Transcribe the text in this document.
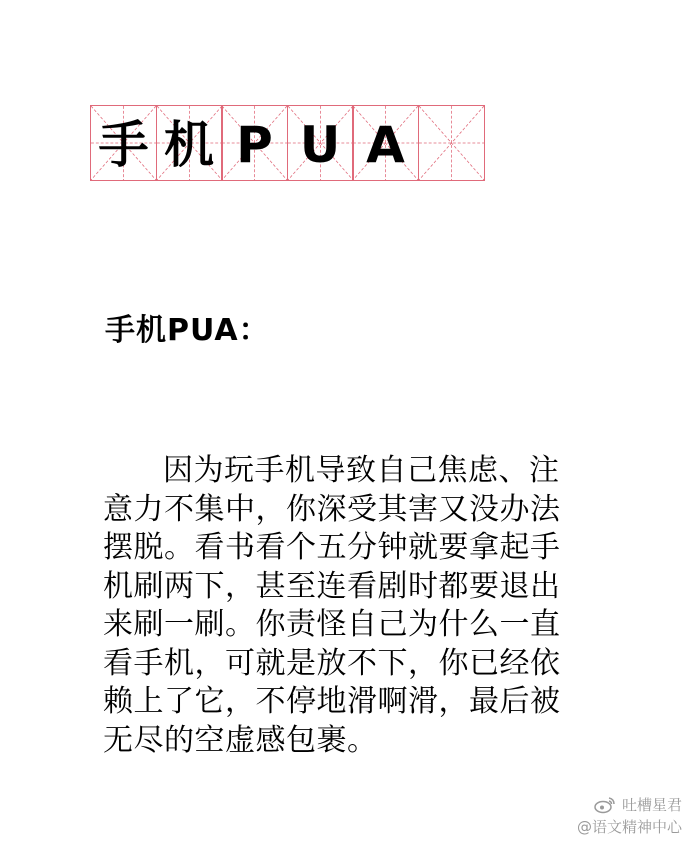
手 机 P U A
手机PUA：

因为玩手机导致自己焦虑、注
意力不集中，你深受其害又没办法
摆脱。看书看个五分钟就要拿起手
机刷两下，甚至连看剧时都要退出
来刷一刷。你责怪自己为什么一直
看手机，可就是放不下，你已经依
赖上了它，不停地滑啊滑，最后被
无尽的空虚感包裹。

吐槽星君
@语文精神中心
